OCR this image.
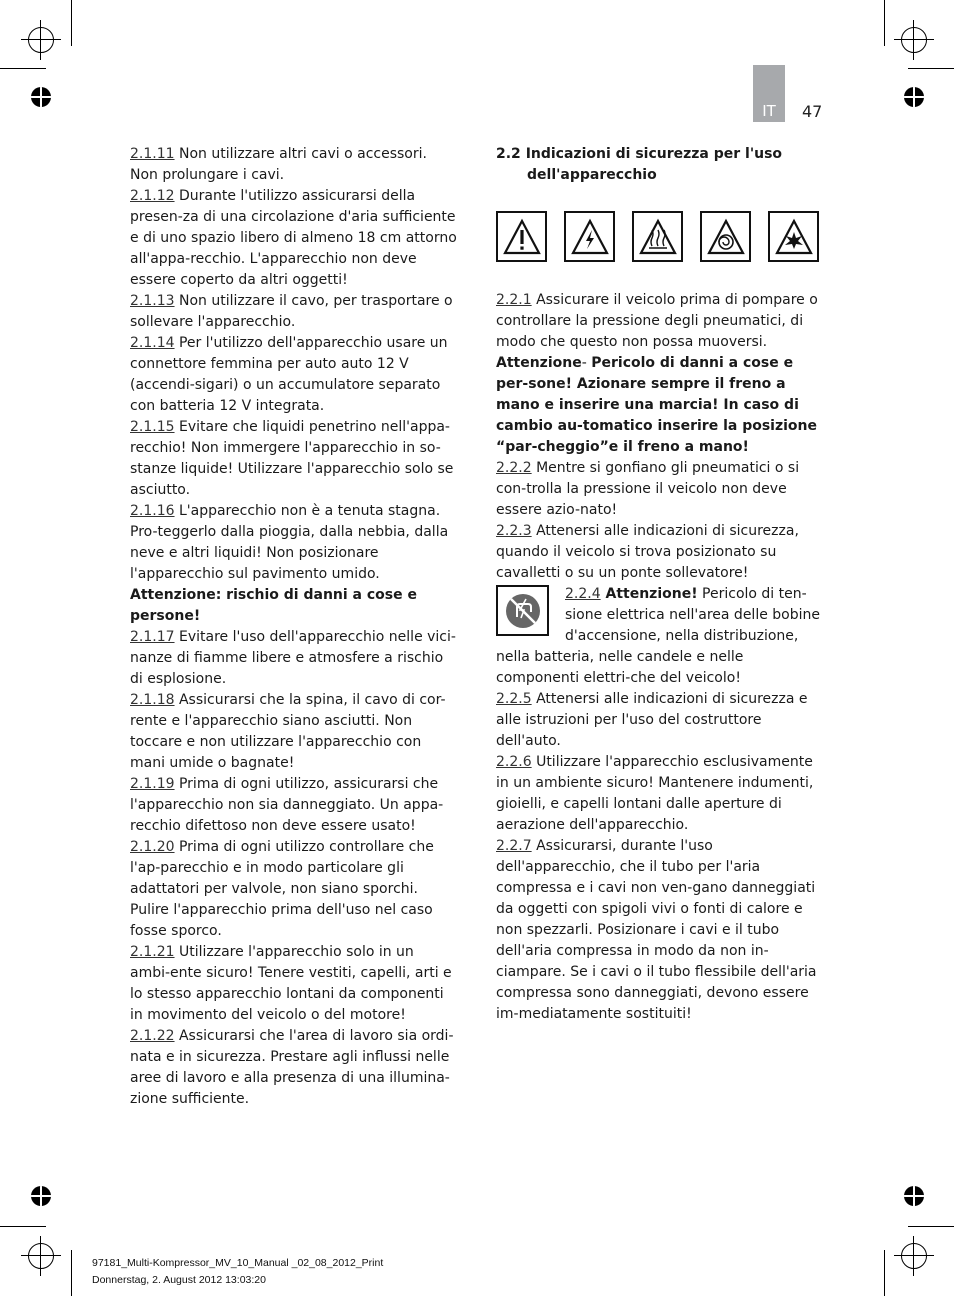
IT 47

2.1.11 Non utilizzare altri cavi o accessori. Non prolungare i cavi.

2.1.12 Durante l'utilizzo assicurarsi della presen-za di una circolazione d'aria sufficiente e di uno spazio libero di almeno 18 cm attorno all'appa-recchio. L'apparecchio non deve essere coperto da altri oggetti!

2.1.13 Non utilizzare il cavo, per trasportare o sollevare l'apparecchio.

2.1.14 Per l'utilizzo dell'apparecchio usare un connettore femmina per auto auto 12 V (accendi-sigari) o un accumulatore separato con batteria 12 V integrata.

2.1.15 Evitare che liquidi penetrino nell'appa-recchio! Non immergere l'apparecchio in so-stanze liquide! Utilizzare l'apparecchio solo se asciutto.

2.1.16 L'apparecchio non è a tenuta stagna. Pro-teggerlo dalla pioggia, dalla nebbia, dalla neve e altri liquidi! Non posizionare l'apparecchio sul pavimento umido. Attenzione: rischio di danni a cose e persone!

2.1.17 Evitare l'uso dell'apparecchio nelle vici-nanze di fiamme libere e atmosfere a rischio di esplosione.

2.1.18 Assicurarsi che la spina, il cavo di cor-rente e l'apparecchio siano asciutti. Non toccare e non utilizzare l'apparecchio con mani umide o bagnate!

2.1.19 Prima di ogni utilizzo, assicurarsi che l'apparecchio non sia danneggiato. Un appa-recchio difettoso non deve essere usato!

2.1.20 Prima di ogni utilizzo controllare che l'ap-parecchio e in modo particolare gli adattatori per valvole, non siano sporchi. Pulire l'apparecchio prima dell'uso nel caso fosse sporco.

2.1.21 Utilizzare l'apparecchio solo in un ambi-ente sicuro! Tenere vestiti, capelli, arti e lo stesso apparecchio lontani da componenti in movimento del veicolo o del motore!

2.1.22 Assicurarsi che l'area di lavoro sia ordi-nata e in sicurezza. Prestare agli influssi nelle aree di lavoro e alla presenza di una illumina-zione sufficiente.

2.2 Indicazioni di sicurezza per l'uso
dell'apparecchio

2.2.1 Assicurare il veicolo prima di pompare o controllare la pressione degli pneumatici, di modo che questo non possa muoversi.
Attenzione- Pericolo di danni a cose e per-sone! Azionare sempre il freno a mano e inserire una marcia! In caso di cambio au-tomatico inserire la posizione “par-cheggio”e il freno a mano!

2.2.2 Mentre si gonfiano gli pneumatici o si con-trolla la pressione il veicolo non deve essere azio-nato!

2.2.3 Attenersi alle indicazioni di sicurezza, quando il veicolo si trova posizionato su cavalletti o su un ponte sollevatore!

2.2.4 Attenzione! Pericolo di ten-sione elettrica nell'area delle bobine d'accensione, nella distribuzione, nella batteria, nelle candele e nelle componenti elettri-che del veicolo!

2.2.5 Attenersi alle indicazioni di sicurezza e alle istruzioni per l'uso del costruttore dell'auto.

2.2.6 Utilizzare l'apparecchio esclusivamente in un ambiente sicuro! Mantenere indumenti, gioielli, e capelli lontani dalle aperture di aerazione dell'apparecchio.

2.2.7 Assicurarsi, durante l'uso dell'apparecchio, che il tubo per l'aria compressa e i cavi non ven-gano danneggiati da oggetti con spigoli vivi o fonti di calore e non spezzarli. Posizionare i cavi e il tubo dell'aria compressa in modo da non in-ciampare. Se i cavi o il tubo flessibile dell'aria compressa sono danneggiati, devono essere im-mediatamente sostituiti!

97181_Multi-Kompressor_MV_10_Manual _02_08_2012_Print
Donnerstag, 2. August 2012 13:03:20
